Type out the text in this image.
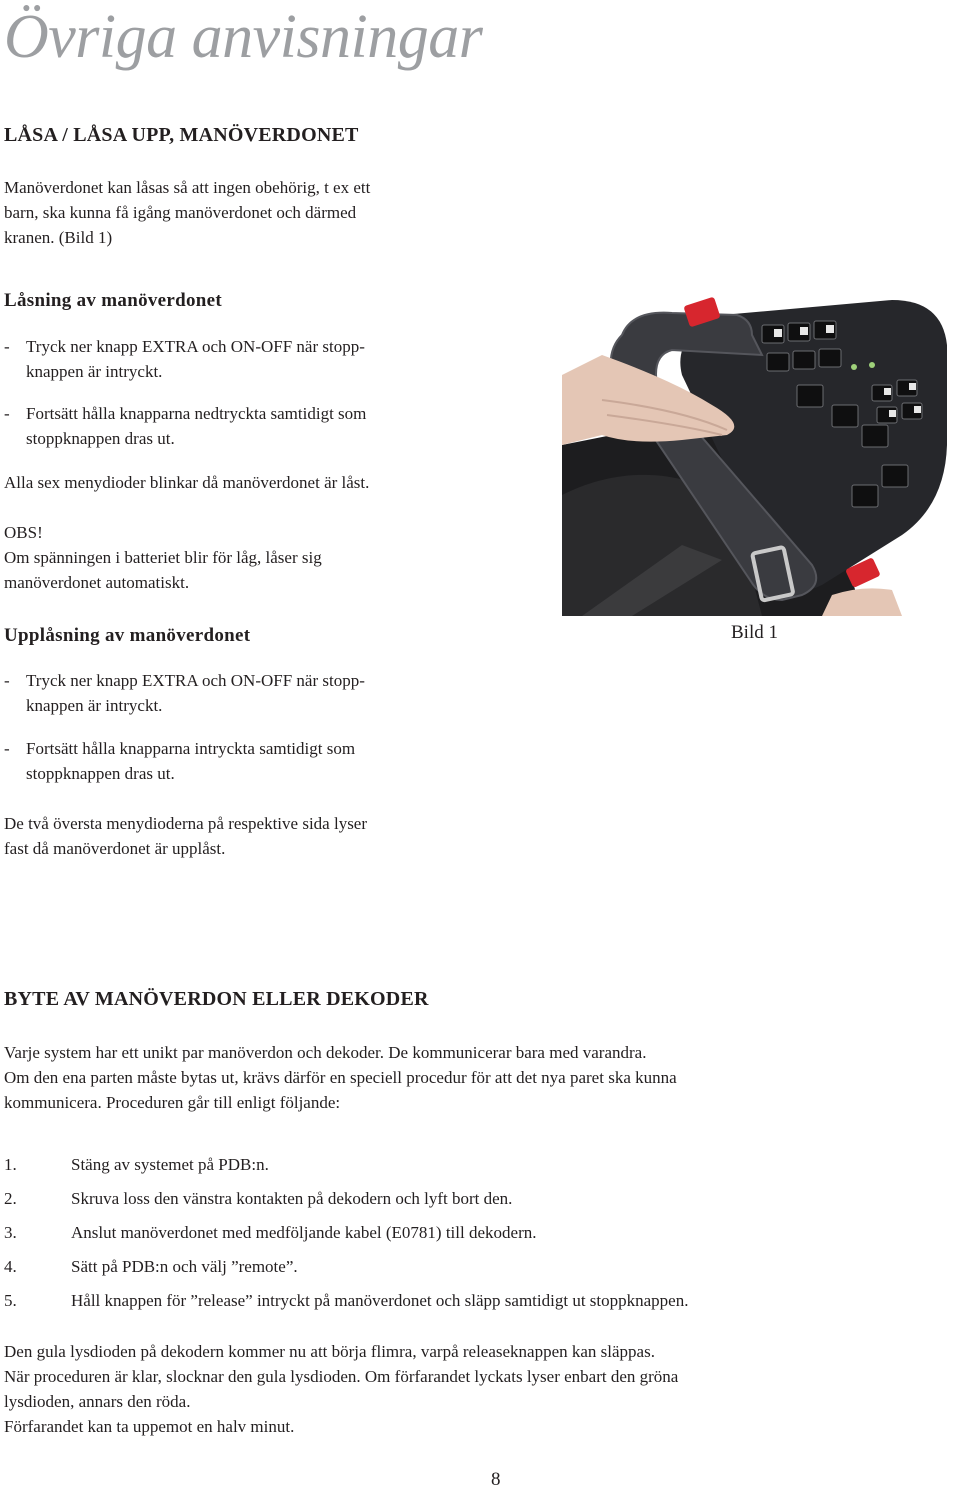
Övriga anvisningar
LÅSA / LÅSA UPP, MANÖVERDONET
Manöverdonet kan låsas så att ingen obehörig, t ex ett
barn, ska kunna få igång manöverdonet och därmed
kranen. (Bild 1)
Låsning av manöverdonet
- Tryck ner knapp EXTRA och ON-OFF när stopp-
knappen är intryckt.
- Fortsätt hålla knapparna nedtryckta samtidigt som
stoppknappen dras ut.
Alla sex menydioder blinkar då manöverdonet är låst.
OBS!
Om spänningen i batteriet blir för låg, låser sig
manöverdonet automatiskt.
Upplåsning av manöverdonet
- Tryck ner knapp EXTRA och ON-OFF när stopp-
knappen är intryckt.
- Fortsätt hålla knapparna intryckta samtidigt som
stoppknappen dras ut.
De två översta menydioderna på respektive sida lyser
fast då manöverdonet är upplåst.
Bild 1
BYTE AV MANÖVERDON ELLER DEKODER
Varje system har ett unikt par manöverdon och dekoder. De kommunicerar bara med varandra.
Om den ena parten måste bytas ut, krävs därför en speciell procedur för att det nya paret ska kunna
kommunicera. Proceduren går till enligt följande:
1.	Stäng av systemet på PDB:n.
2.	Skruva loss den vänstra kontakten på dekodern och lyft bort den.
3.	Anslut manöverdonet med medföljande kabel (E0781) till dekodern.
4.	Sätt på PDB:n och välj ”remote”.
5.	Håll knappen för ”release” intryckt på manöverdonet och släpp samtidigt ut stoppknappen.
Den gula lysdioden på dekodern kommer nu att börja flimra, varpå releaseknappen kan släppas.
När proceduren är klar, slocknar den gula lysdioden. Om förfarandet lyckats lyser enbart den gröna
lysdioden, annars den röda.
Förfarandet kan ta uppemot en halv minut.
8
